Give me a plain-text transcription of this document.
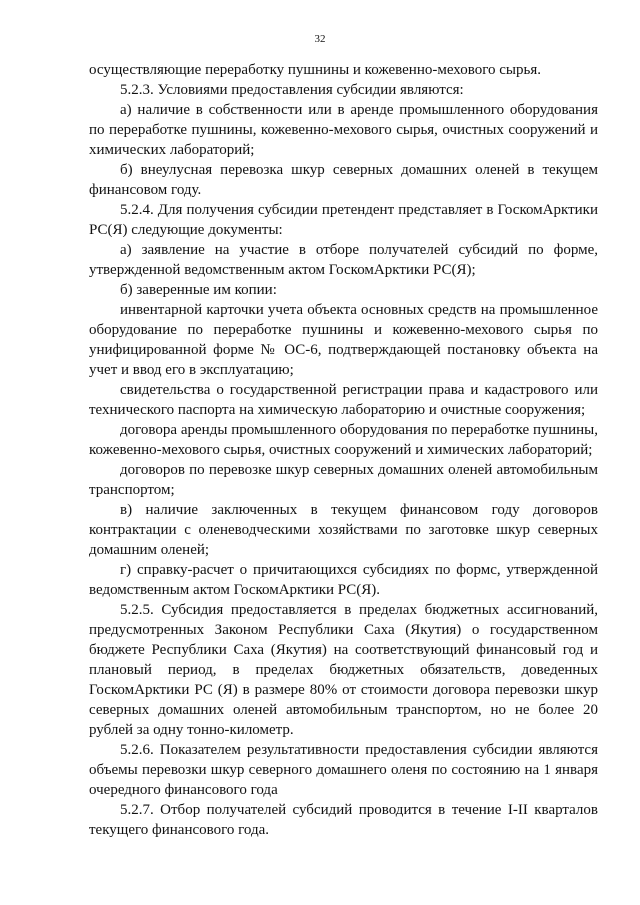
32

осуществляющие переработку пушнины и кожевенно-мехового сырья.

5.2.3. Условиями предоставления субсидии являются:

а) наличие в собственности или в аренде промышленного оборудования по переработке пушнины, кожевенно-мехового сырья, очистных сооружений и химических лабораторий;

б) внеулусная перевозка шкур северных домашних оленей в текущем финансовом году.

5.2.4. Для получения субсидии претендент представляет в ГоскомАрктики РС(Я) следующие документы:

а) заявление на участие в отборе получателей субсидий по форме, утвержденной ведомственным актом ГоскомАрктики РС(Я);

б) заверенные им копии:

инвентарной карточки учета объекта основных средств на промышленное оборудование по переработке пушнины и кожевенно-мехового сырья по унифицированной форме № ОС-6, подтверждающей постановку объекта на учет и ввод его в эксплуатацию;

свидетельства о государственной регистрации права и кадастрового или технического паспорта на химическую лабораторию и очистные сооружения;

договора аренды промышленного оборудования по переработке пушнины, кожевенно-мехового сырья, очистных сооружений и химических лабораторий;

договоров по перевозке шкур северных домашних оленей автомобильным транспортом;

в) наличие заключенных в текущем финансовом году договоров контрактации с оленеводческими хозяйствами по заготовке шкур северных домашним оленей;

г) справку-расчет о причитающихся субсидиях по формс, утвержденной ведомственным актом ГоскомАрктики РС(Я).

5.2.5. Субсидия предоставляется в пределах бюджетных ассигнований, предусмотренных Законом Республики Саха (Якутия) о государственном бюджете Республики Саха (Якутия) на соответствующий финансовый год и плановый период, в пределах бюджетных обязательств, доведенных ГоскомАрктики РС (Я) в размере 80% от стоимости договора перевозки шкур северных домашних оленей автомобильным транспортом, но не более 20 рублей за одну тонно-километр.

5.2.6. Показателем результативности предоставления субсидии являются объемы перевозки шкур северного домашнего оленя по состоянию на 1 января очередного финансового года

5.2.7. Отбор получателей субсидий проводится в течение I-II кварталов текущего финансового года.
